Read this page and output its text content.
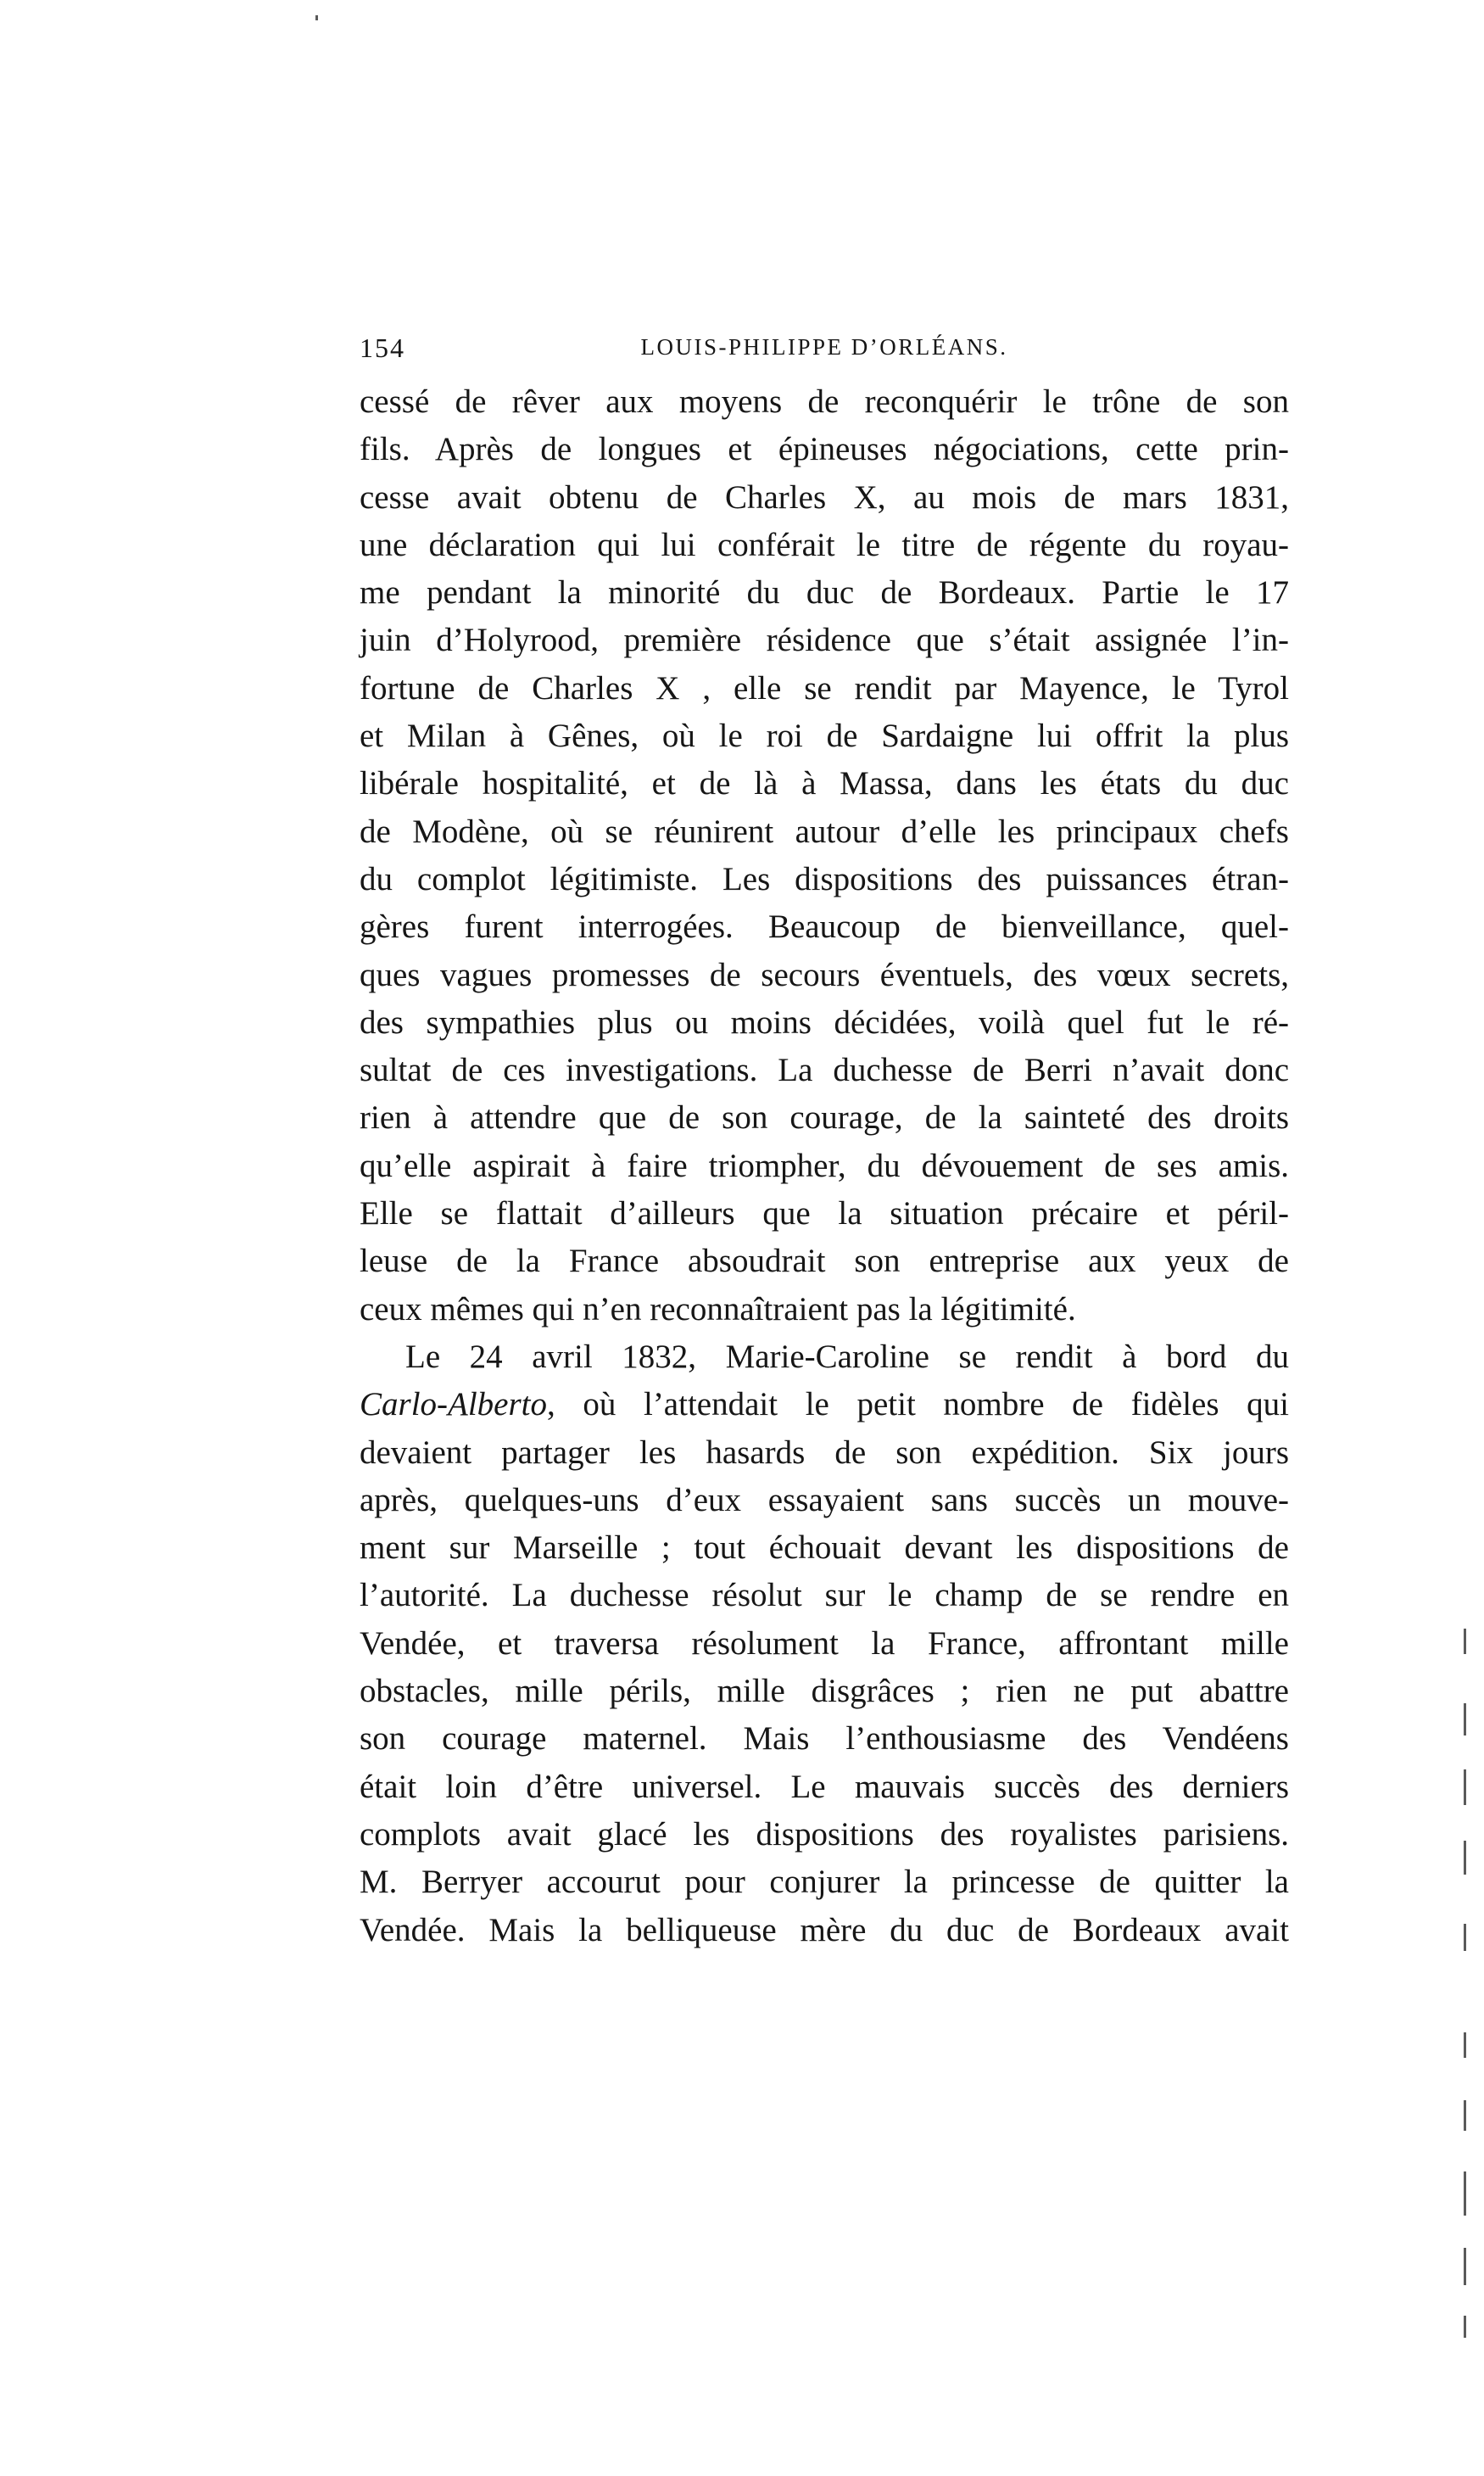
154	LOUIS-PHILIPPE D’ORLÉANS.
cessé de rêver aux moyens de reconquérir le trône de son
fils. Après de longues et épineuses négociations, cette prin-
cesse avait obtenu de Charles X, au mois de mars 1831,
une déclaration qui lui conférait le titre de régente du royau-
me pendant la minorité du duc de Bordeaux. Partie le 17
juin d’Holyrood, première résidence que s’était assignée l’in-
fortune de Charles X , elle se rendit par Mayence, le Tyrol
et Milan à Gênes, où le roi de Sardaigne lui offrit la plus
libérale hospitalité, et de là à Massa, dans les états du duc
de Modène, où se réunirent autour d’elle les principaux chefs
du complot légitimiste. Les dispositions des puissances étran-
gères furent interrogées. Beaucoup de bienveillance, quel-
ques vagues promesses de secours éventuels, des vœux secrets,
des sympathies plus ou moins décidées, voilà quel fut le ré-
sultat de ces investigations. La duchesse de Berri n’avait donc
rien à attendre que de son courage, de la sainteté des droits
qu’elle aspirait à faire triompher, du dévouement de ses amis.
Elle se flattait d’ailleurs que la situation précaire et péril-
leuse de la France absoudrait son entreprise aux yeux de
ceux mêmes qui n’en reconnaîtraient pas la légitimité.
Le 24 avril 1832, Marie-Caroline se rendit à bord du
Carlo-Alberto, où l’attendait le petit nombre de fidèles qui
devaient partager les hasards de son expédition. Six jours
après, quelques-uns d’eux essayaient sans succès un mouve-
ment sur Marseille ; tout échouait devant les dispositions de
l’autorité. La duchesse résolut sur le champ de se rendre en
Vendée, et traversa résolument la France, affrontant mille
obstacles, mille périls, mille disgrâces ; rien ne put abattre
son courage maternel. Mais l’enthousiasme des Vendéens
était loin d’être universel. Le mauvais succès des derniers
complots avait glacé les dispositions des royalistes parisiens.
M. Berryer accourut pour conjurer la princesse de quitter la
Vendée. Mais la belliqueuse mère du duc de Bordeaux avait
